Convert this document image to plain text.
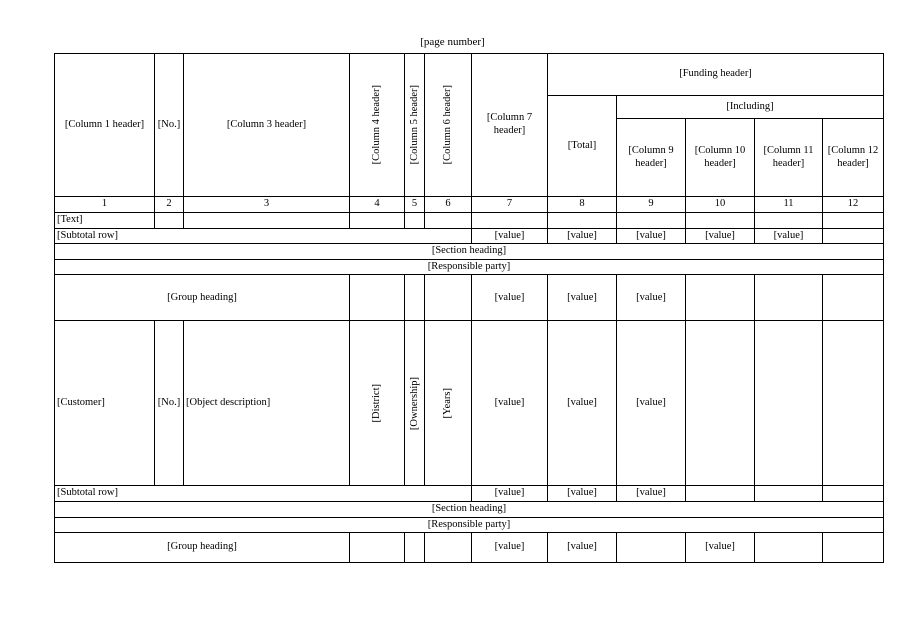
[page number]
[Column 1 header]	[No.]	[Column 3 header]	[Column 4 header]	[Column 5 header]	[Column 6 header]	[Column 7 header]	[Funding header]				
							[Total]	[Including]			
								[Column 9 header]	[Column 10 header]	[Column 11 header]	[Column 12 header]
1	2	3	4	5	6	7	8	9	10	11	12
[Text]											
[Subtotal row]						[value]	[value]	[value]	[value]	[value]	
[Section heading]											
[Responsible party]											
[Group heading]						[value]	[value]	[value]			
[Customer]	[No.]	[Object description]	[District]	[Ownership]	[Years]	[value]	[value]	[value]			
[Subtotal row]						[value]	[value]	[value]			
[Section heading]											
[Responsible party]											
[Group heading]						[value]	[value]		[value]		
